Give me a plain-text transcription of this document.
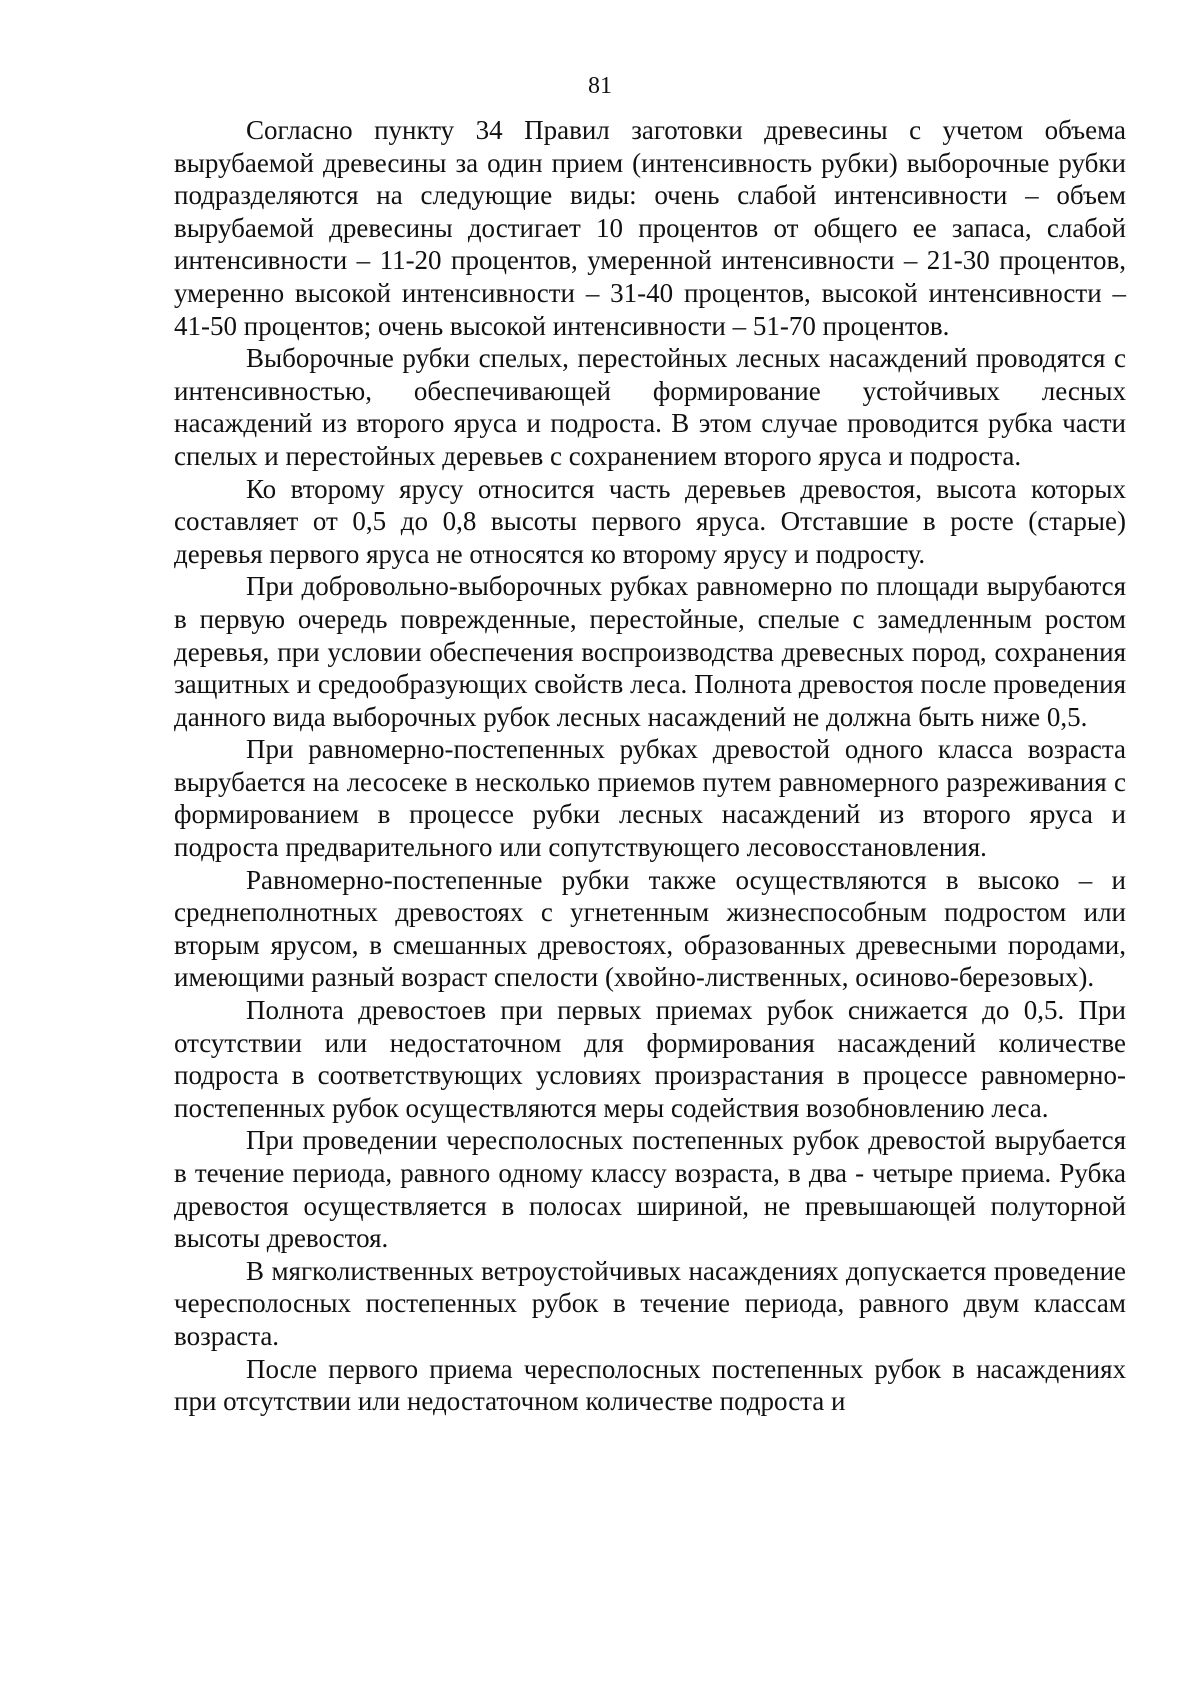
81

Согласно пункту 34 Правил заготовки древесины с учетом объема вырубаемой древесины за один прием (интенсивность рубки) выборочные рубки подразделяются на следующие виды: очень слабой интенсивности – объем вырубаемой древесины достигает 10 процентов от общего ее запаса, слабой интенсивности – 11-20 процентов, умеренной интенсивности – 21-30 процентов, умеренно высокой интенсивности – 31-40 процентов, высокой интенсивности – 41-50 процентов; очень высокой интенсивности – 51-70 процентов.

Выборочные рубки спелых, перестойных лесных насаждений проводятся с интенсивностью, обеспечивающей формирование устойчивых лесных насаждений из второго яруса и подроста. В этом случае проводится рубка части спелых и перестойных деревьев с сохранением второго яруса и подроста.

Ко второму ярусу относится часть деревьев древостоя, высота которых составляет от 0,5 до 0,8 высоты первого яруса. Отставшие в росте (старые) деревья первого яруса не относятся ко второму ярусу и подросту.

При добровольно-выборочных рубках равномерно по площади вырубаются в первую очередь поврежденные, перестойные, спелые с замедленным ростом деревья, при условии обеспечения воспроизводства древесных пород, сохранения защитных и средообразующих свойств леса. Полнота древостоя после проведения данного вида выборочных рубок лесных насаждений не должна быть ниже 0,5.

При равномерно-постепенных рубках древостой одного класса возраста вырубается на лесосеке в несколько приемов путем равномерного разреживания с формированием в процессе рубки лесных насаждений из второго яруса и подроста предварительного или сопутствующего лесовосстановления.

Равномерно-постепенные рубки также осуществляются в высоко – и среднеполнотных древостоях с угнетенным жизнеспособным подростом или вторым ярусом, в смешанных древостоях, образованных древесными породами, имеющими разный возраст спелости (хвойно-лиственных, осиново-березовых).

Полнота древостоев при первых приемах рубок снижается до 0,5. При отсутствии или недостаточном для формирования насаждений количестве подроста в соответствующих условиях произрастания в процессе равномерно-постепенных рубок осуществляются меры содействия возобновлению леса.

При проведении чересполосных постепенных рубок древостой вырубается в течение периода, равного одному классу возраста, в два - четыре приема. Рубка древостоя осуществляется в полосах шириной, не превышающей полуторной высоты древостоя.

В мягколиственных ветроустойчивых насаждениях допускается проведение чересполосных постепенных рубок в течение периода, равного двум классам возраста.

После первого приема чересполосных постепенных рубок в насаждениях при отсутствии или недостаточном количестве подроста и
